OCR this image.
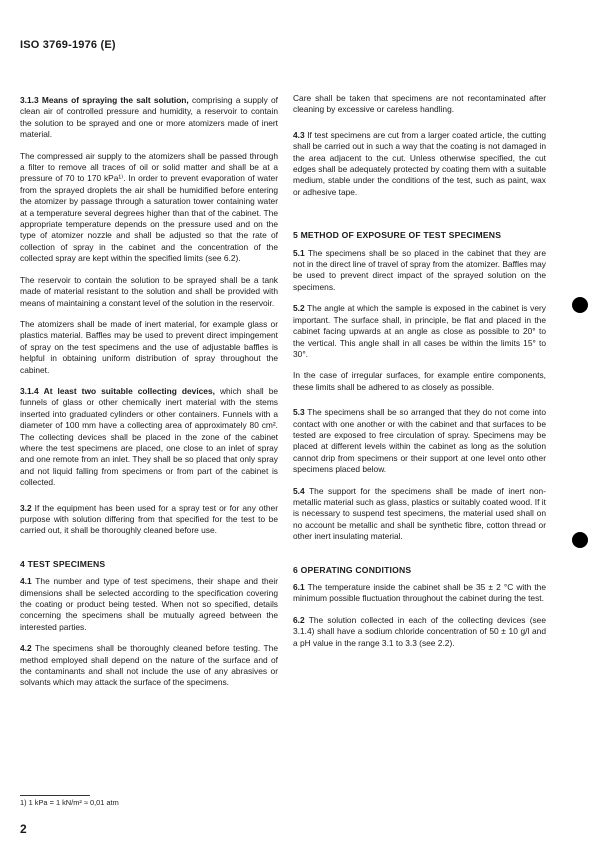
ISO 3769-1976 (E)

3.1.3 Means of spraying the salt solution, comprising a supply of clean air of controlled pressure and humidity, a reservoir to contain the solution to be sprayed and one or more atomizers made of inert material.

The compressed air supply to the atomizers shall be passed through a filter to remove all traces of oil or solid matter and shall be at a pressure of 70 to 170 kPa¹⁾. In order to prevent evaporation of water from the sprayed droplets the air shall be humidified before entering the atomizer by passage through a saturation tower containing water at a temperature several degrees higher than that of the cabinet. The appropriate temperature depends on the pressure used and on the type of atomizer nozzle and shall be adjusted so that the rate of collection of spray in the cabinet and the concentration of the collected spray are kept within the specified limits (see 6.2).

The reservoir to contain the solution to be sprayed shall be a tank made of material resistant to the solution and shall be provided with means of maintaining a constant level of the solution in the reservoir.

The atomizers shall be made of inert material, for example glass or plastics material. Baffles may be used to prevent direct impingement of spray on the test specimens and the use of adjustable baffles is helpful in obtaining uniform distribution of spray throughout the cabinet.

3.1.4 At least two suitable collecting devices, which shall be funnels of glass or other chemically inert material with the stems inserted into graduated cylinders or other containers. Funnels with a diameter of 100 mm have a collecting area of approximately 80 cm². The collecting devices shall be placed in the zone of the cabinet where the test specimens are placed, one close to an inlet of spray and one remote from an inlet. They shall be so placed that only spray and not liquid falling from specimens or from part of the cabinet is collected.

3.2 If the equipment has been used for a spray test or for any other purpose with solution differing from that specified for the test to be carried out, it shall be thoroughly cleaned before use.

4 TEST SPECIMENS

4.1 The number and type of test specimens, their shape and their dimensions shall be selected according to the specification covering the coating or product being tested. When not so specified, details concerning the specimens shall be mutually agreed between the interested parties.

4.2 The specimens shall be thoroughly cleaned before testing. The method employed shall depend on the nature of the surface and of the contaminants and shall not include the use of any abrasives or solvants which may attack the surface of the specimens.

Care shall be taken that specimens are not recontaminated after cleaning by excessive or careless handling.

4.3 If test specimens are cut from a larger coated article, the cutting shall be carried out in such a way that the coating is not damaged in the area adjacent to the cut. Unless otherwise specified, the cut edges shall be adequately protected by coating them with a suitable medium, stable under the conditions of the test, such as paint, wax or adhesive tape.

5 METHOD OF EXPOSURE OF TEST SPECIMENS

5.1 The specimens shall be so placed in the cabinet that they are not in the direct line of travel of spray from the atomizer. Baffles may be used to prevent direct impact of the sprayed solution on the specimens.

5.2 The angle at which the sample is exposed in the cabinet is very important. The surface shall, in principle, be flat and placed in the cabinet facing upwards at an angle as close as possible to 20° to the vertical. This angle shall in all cases be within the limits 15° to 30°.

In the case of irregular surfaces, for example entire components, these limits shall be adhered to as closely as possible.

5.3 The specimens shall be so arranged that they do not come into contact with one another or with the cabinet and that surfaces to be tested are exposed to free circulation of spray. Specimens may be placed at different levels within the cabinet as long as the solution cannot drip from specimens or their support at one level onto other specimens placed below.

5.4 The support for the specimens shall be made of inert non-metallic material such as glass, plastics or suitably coated wood. If it is necessary to suspend test specimens, the material used shall on no account be metallic and shall be synthetic fibre, cotton thread or other inert insulating material.

6 OPERATING CONDITIONS

6.1 The temperature inside the cabinet shall be 35 ± 2 °C with the minimum possible fluctuation throughout the cabinet during the test.

6.2 The solution collected in each of the collecting devices (see 3.1.4) shall have a sodium chloride concentration of 50 ± 10 g/l and a pH value in the range 3.1 to 3.3 (see 2.2).

1) 1 kPa = 1 kN/m² ≈ 0,01 atm
2
